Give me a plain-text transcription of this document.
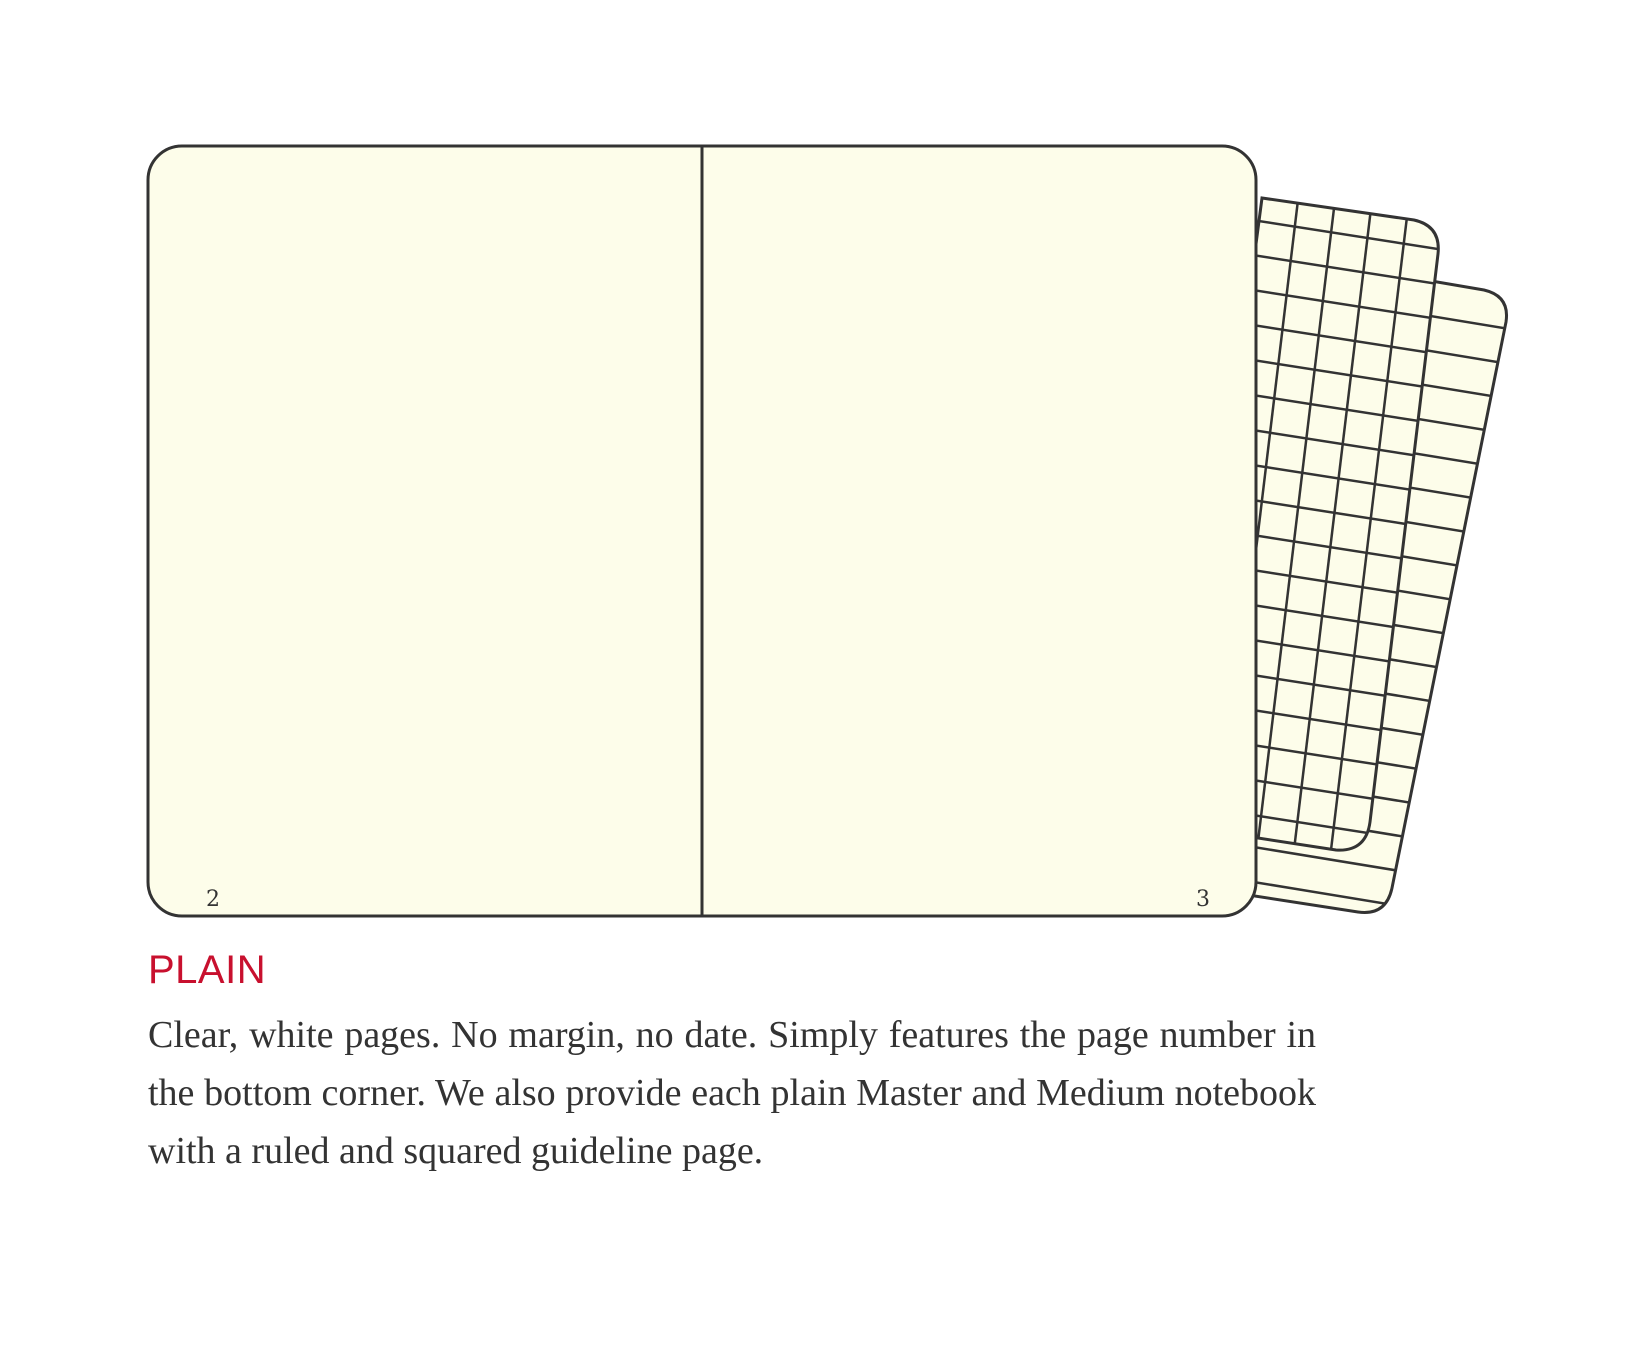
2	3
PLAIN

Clear, white pages. No margin, no date. Simply features the page number in the bottom corner. We also provide each plain Master and Medium notebook with a ruled and squared guideline page.
